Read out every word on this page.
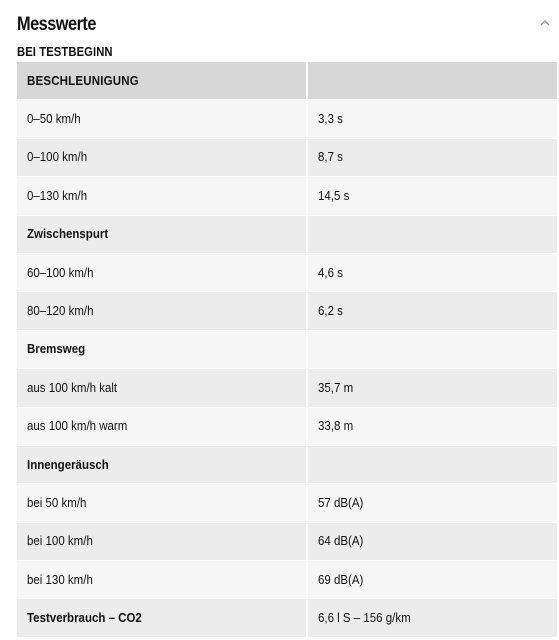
Messwerte
BEI TESTBEGINN
BESCHLEUNIGUNG
0–50 km/h	3,3 s
0–100 km/h	8,7 s
0–130 km/h	14,5 s
Zwischenspurt
60–100 km/h	4,6 s
80–120 km/h	6,2 s
Bremsweg
aus 100 km/h kalt	35,7 m
aus 100 km/h warm	33,8 m
Innengeräusch
bei 50 km/h	57 dB(A)
bei 100 km/h	64 dB(A)
bei 130 km/h	69 dB(A)
Testverbrauch – CO2	6,6 l S – 156 g/km
